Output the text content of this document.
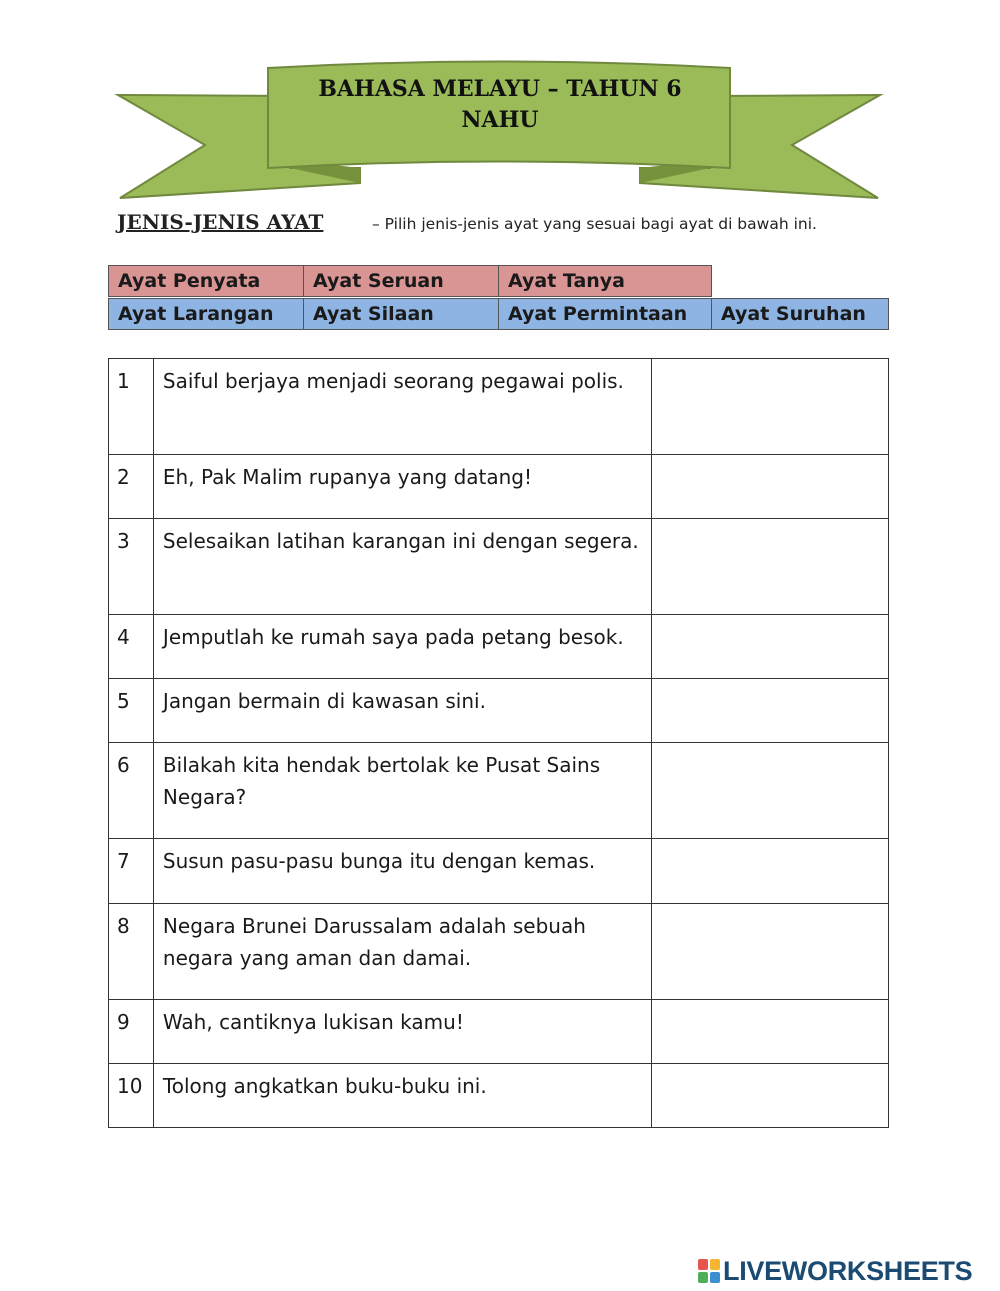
BAHASA MELAYU – TAHUN 6
NAHU
JENIS-JENIS AYAT	– Pilih jenis-jenis ayat yang sesuai bagi ayat di bawah ini.
Ayat Penyata	Ayat Seruan	Ayat Tanya
Ayat Larangan	Ayat Silaan	Ayat Permintaan	Ayat Suruhan
1	Saiful berjaya menjadi seorang pegawai polis.	

2	Eh, Pak Malim rupanya yang datang!	

3	Selesaikan latihan karangan ini dengan segera.	

4	Jemputlah ke rumah saya pada petang besok.	

5	Jangan bermain di kawasan sini.	

6	Bilakah kita hendak bertolak ke Pusat Sains Negara?	

7	Susun pasu-pasu bunga itu dengan kemas.	

8	Negara Brunei Darussalam adalah sebuah negara yang aman dan damai.	

9	Wah, cantiknya lukisan kamu!	

10	Tolong angkatkan buku-buku ini.	
LIVEWORKSHEETS
